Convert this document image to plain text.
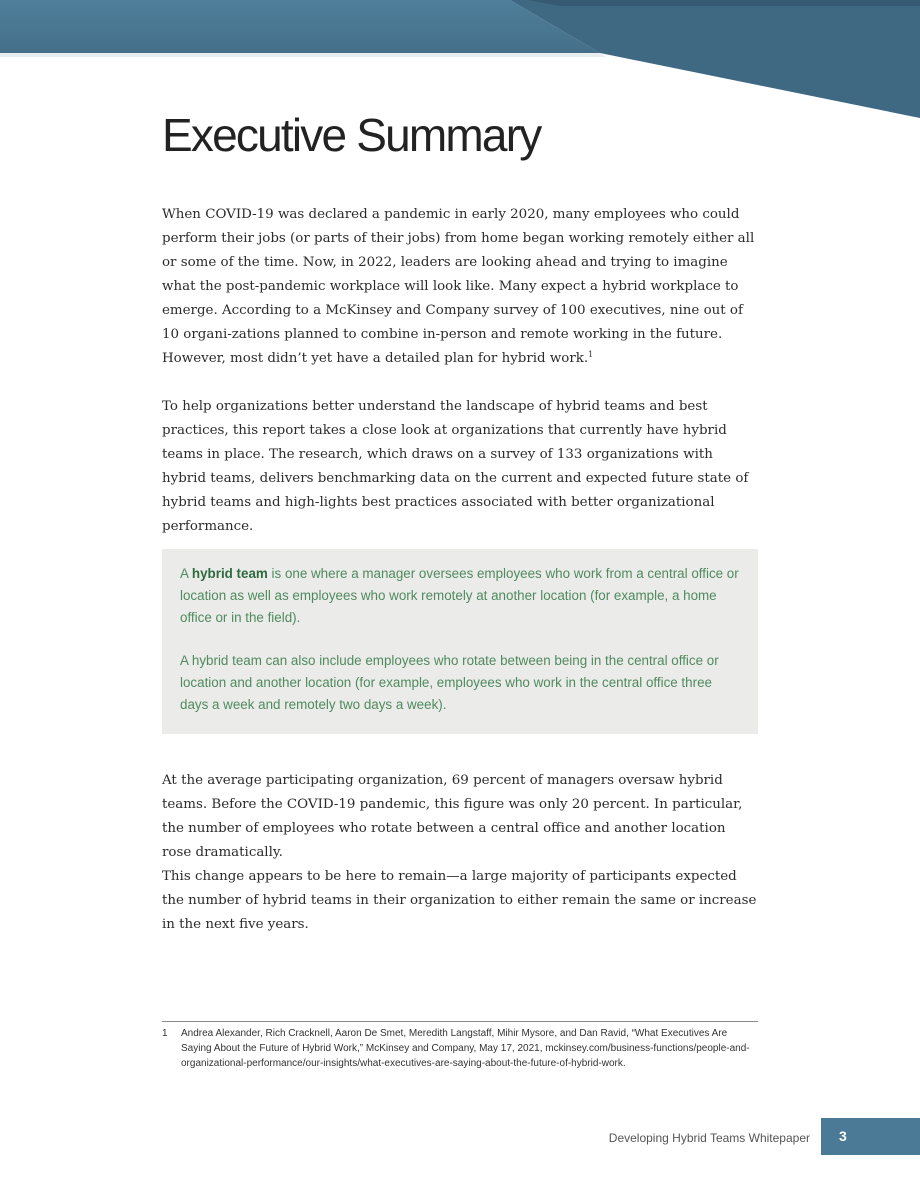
Executive Summary

When COVID-19 was declared a pandemic in early 2020, many employees who could perform their jobs (or parts of their jobs) from home began working remotely either all or some of the time. Now, in 2022, leaders are looking ahead and trying to imagine what the post-pandemic workplace will look like. Many expect a hybrid workplace to emerge. According to a McKinsey and Company survey of 100 executives, nine out of 10 organi-zations planned to combine in-person and remote working in the future. However, most didn’t yet have a detailed plan for hybrid work.$^1$

To help organizations better understand the landscape of hybrid teams and best practices, this report takes a close look at organizations that currently have hybrid teams in place. The research, which draws on a survey of 133 organizations with hybrid teams, delivers benchmarking data on the current and expected future state of hybrid teams and high-lights best practices associated with better organizational performance.

A hybrid team is one where a manager oversees employees who work from a central office or location as well as employees who work remotely at another location (for example, a home office or in the field).

A hybrid team can also include employees who rotate between being in the central office or location and another location (for example, employees who work in the central office three days a week and remotely two days a week).

At the average participating organization, 69 percent of managers oversaw hybrid teams. Before the COVID-19 pandemic, this figure was only 20 percent. In particular, the number of employees who rotate between a central office and another location rose dramatically.

This change appears to be here to remain—a large majority of participants expected the number of hybrid teams in their organization to either remain the same or increase in the next five years.

1	Andrea Alexander, Rich Cracknell, Aaron De Smet, Meredith Langstaff, Mihir Mysore, and Dan Ravid, “What Executives Are Saying About the Future of Hybrid Work,” McKinsey and Company, May 17, 2021, mckinsey.com/business-functions/people-and-organizational-performance/our-insights/what-executives-are-saying-about-the-future-of-hybrid-work.
Developing Hybrid Teams Whitepaper	3
